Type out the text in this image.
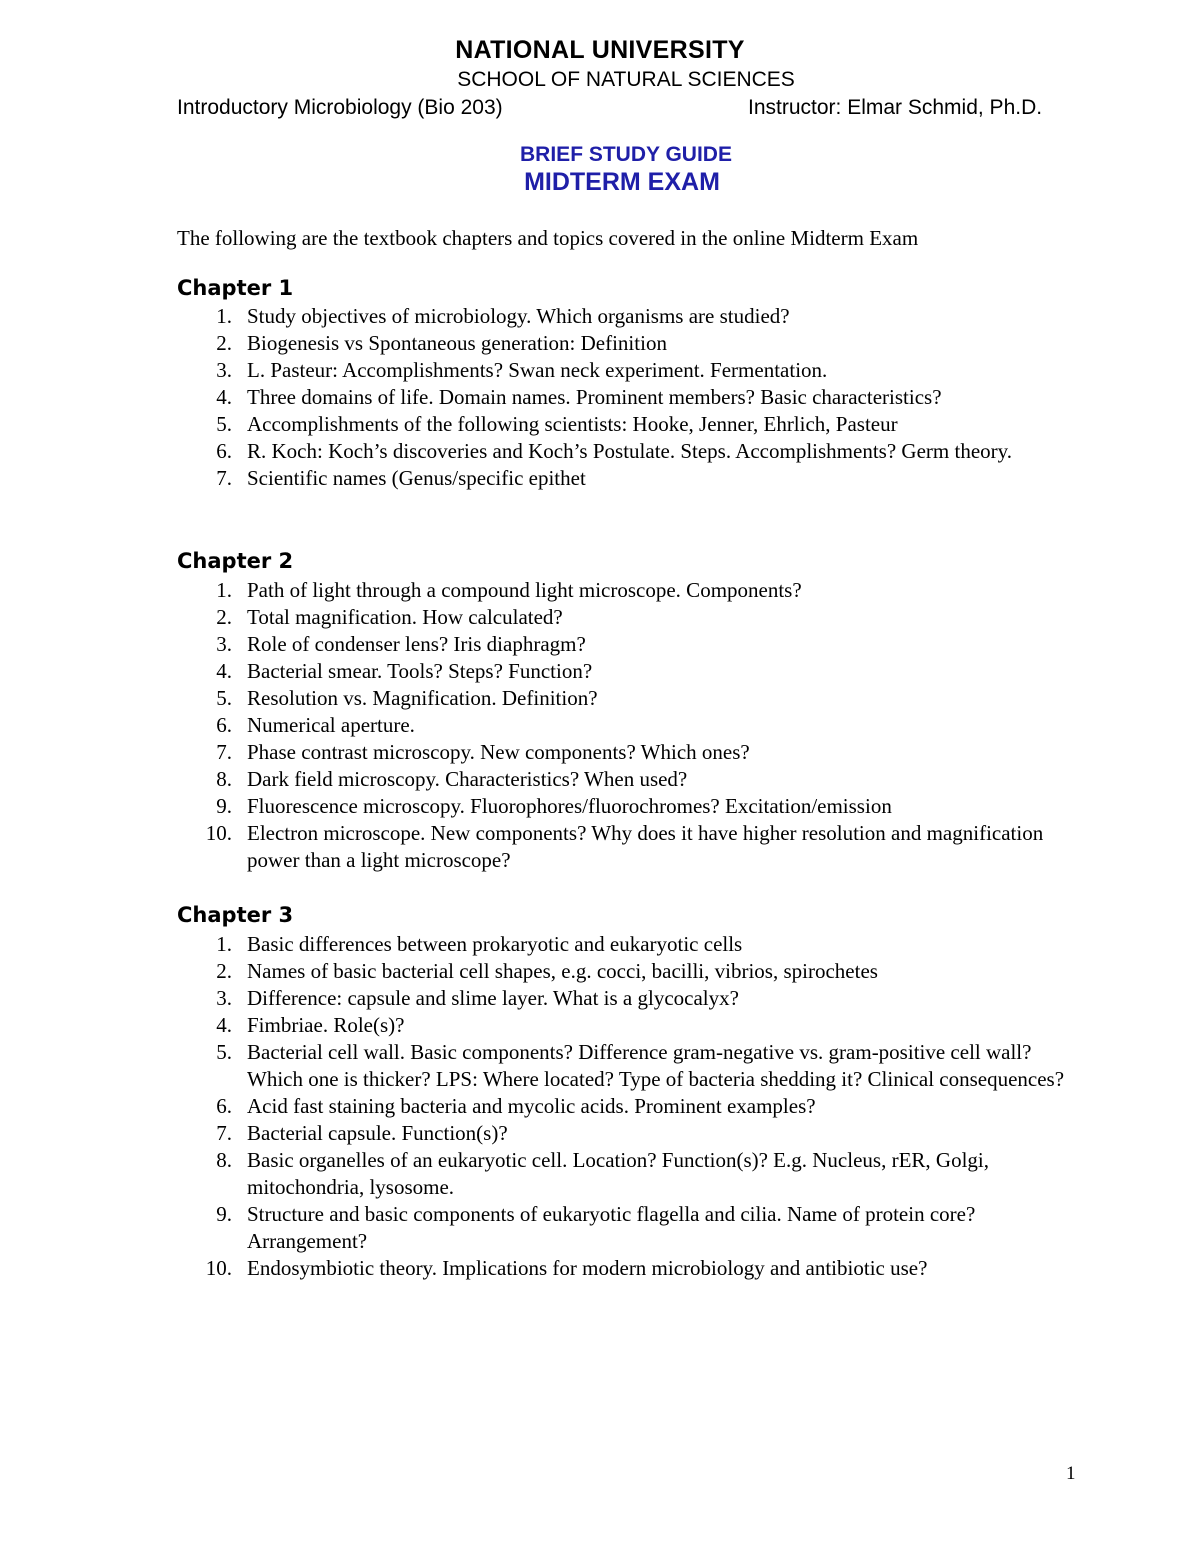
NATIONAL UNIVERSITY
SCHOOL OF NATURAL SCIENCES
Introductory Microbiology (Bio 203)	Instructor: Elmar Schmid, Ph.D.
BRIEF STUDY GUIDE
MIDTERM EXAM
The following are the textbook chapters and topics covered in the online Midterm Exam
Chapter 1
1. Study objectives of microbiology. Which organisms are studied?
2. Biogenesis vs Spontaneous generation: Definition
3. L. Pasteur: Accomplishments? Swan neck experiment. Fermentation.
4. Three domains of life. Domain names. Prominent members? Basic characteristics?
5. Accomplishments of the following scientists: Hooke, Jenner, Ehrlich, Pasteur
6. R. Koch: Koch’s discoveries and Koch’s Postulate. Steps. Accomplishments? Germ theory.
7. Scientific names (Genus/specific epithet
Chapter 2
1. Path of light through a compound light microscope. Components?
2. Total magnification. How calculated?
3. Role of condenser lens? Iris diaphragm?
4. Bacterial smear. Tools? Steps? Function?
5. Resolution vs. Magnification. Definition?
6. Numerical aperture.
7. Phase contrast microscopy. New components? Which ones?
8. Dark field microscopy. Characteristics? When used?
9. Fluorescence microscopy. Fluorophores/fluorochromes? Excitation/emission
10. Electron microscope. New components? Why does it have higher resolution and magnification power than a light microscope?
Chapter 3
1. Basic differences between prokaryotic and eukaryotic cells
2. Names of basic bacterial cell shapes, e.g. cocci, bacilli, vibrios, spirochetes
3. Difference: capsule and slime layer. What is a glycocalyx?
4. Fimbriae. Role(s)?
5. Bacterial cell wall. Basic components? Difference gram-negative vs. gram-positive cell wall? Which one is thicker? LPS: Where located? Type of bacteria shedding it? Clinical consequences?
6. Acid fast staining bacteria and mycolic acids. Prominent examples?
7. Bacterial capsule. Function(s)?
8. Basic organelles of an eukaryotic cell. Location? Function(s)? E.g. Nucleus, rER, Golgi, mitochondria, lysosome.
9. Structure and basic components of eukaryotic flagella and cilia. Name of protein core? Arrangement?
10. Endosymbiotic theory. Implications for modern microbiology and antibiotic use?
1
